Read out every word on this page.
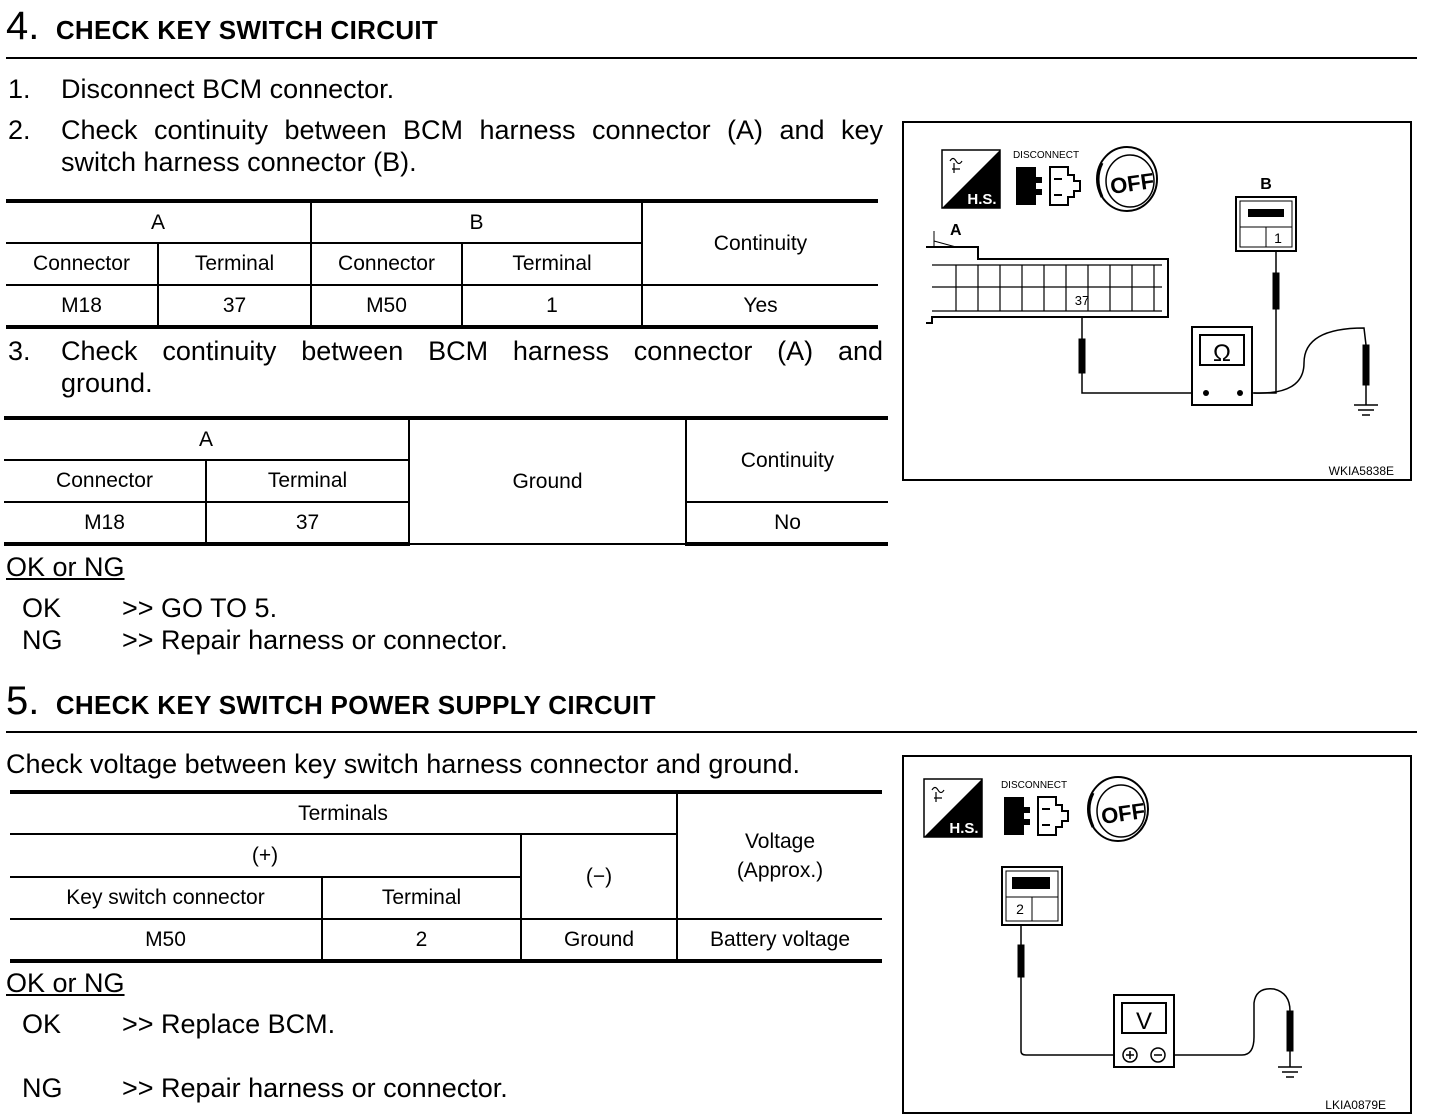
4. CHECK KEY SWITCH CIRCUIT
1. Disconnect BCM connector.
2. Check continuity between BCM harness connector (A) and key
switch harness connector (B).
A		B		Continuity
Connector	Terminal	Connector	Terminal	
M18	37	M50	1	Yes
3. Check continuity between BCM harness connector (A) and
ground.
A		Ground	Continuity
Connector	Terminal		
M18	37		No
OK or NG
OK >> GO TO 5.
NG >> Repair harness or connector.
H.S.
DISCONNECT
OFF
A
37
B
1
Ω
WKIA5838E
5. CHECK KEY SWITCH POWER SUPPLY CIRCUIT
Check voltage between key switch harness connector and ground.
Terminals			Voltage
(Approx.)

(+)		(−)	
Key switch connector	Terminal		
M50	2	Ground	Battery voltage
OK or NG
OK >> Replace BCM.
NG >> Repair harness or connector.
H.S.
DISCONNECT
OFF
2
V
LKIA0879E
